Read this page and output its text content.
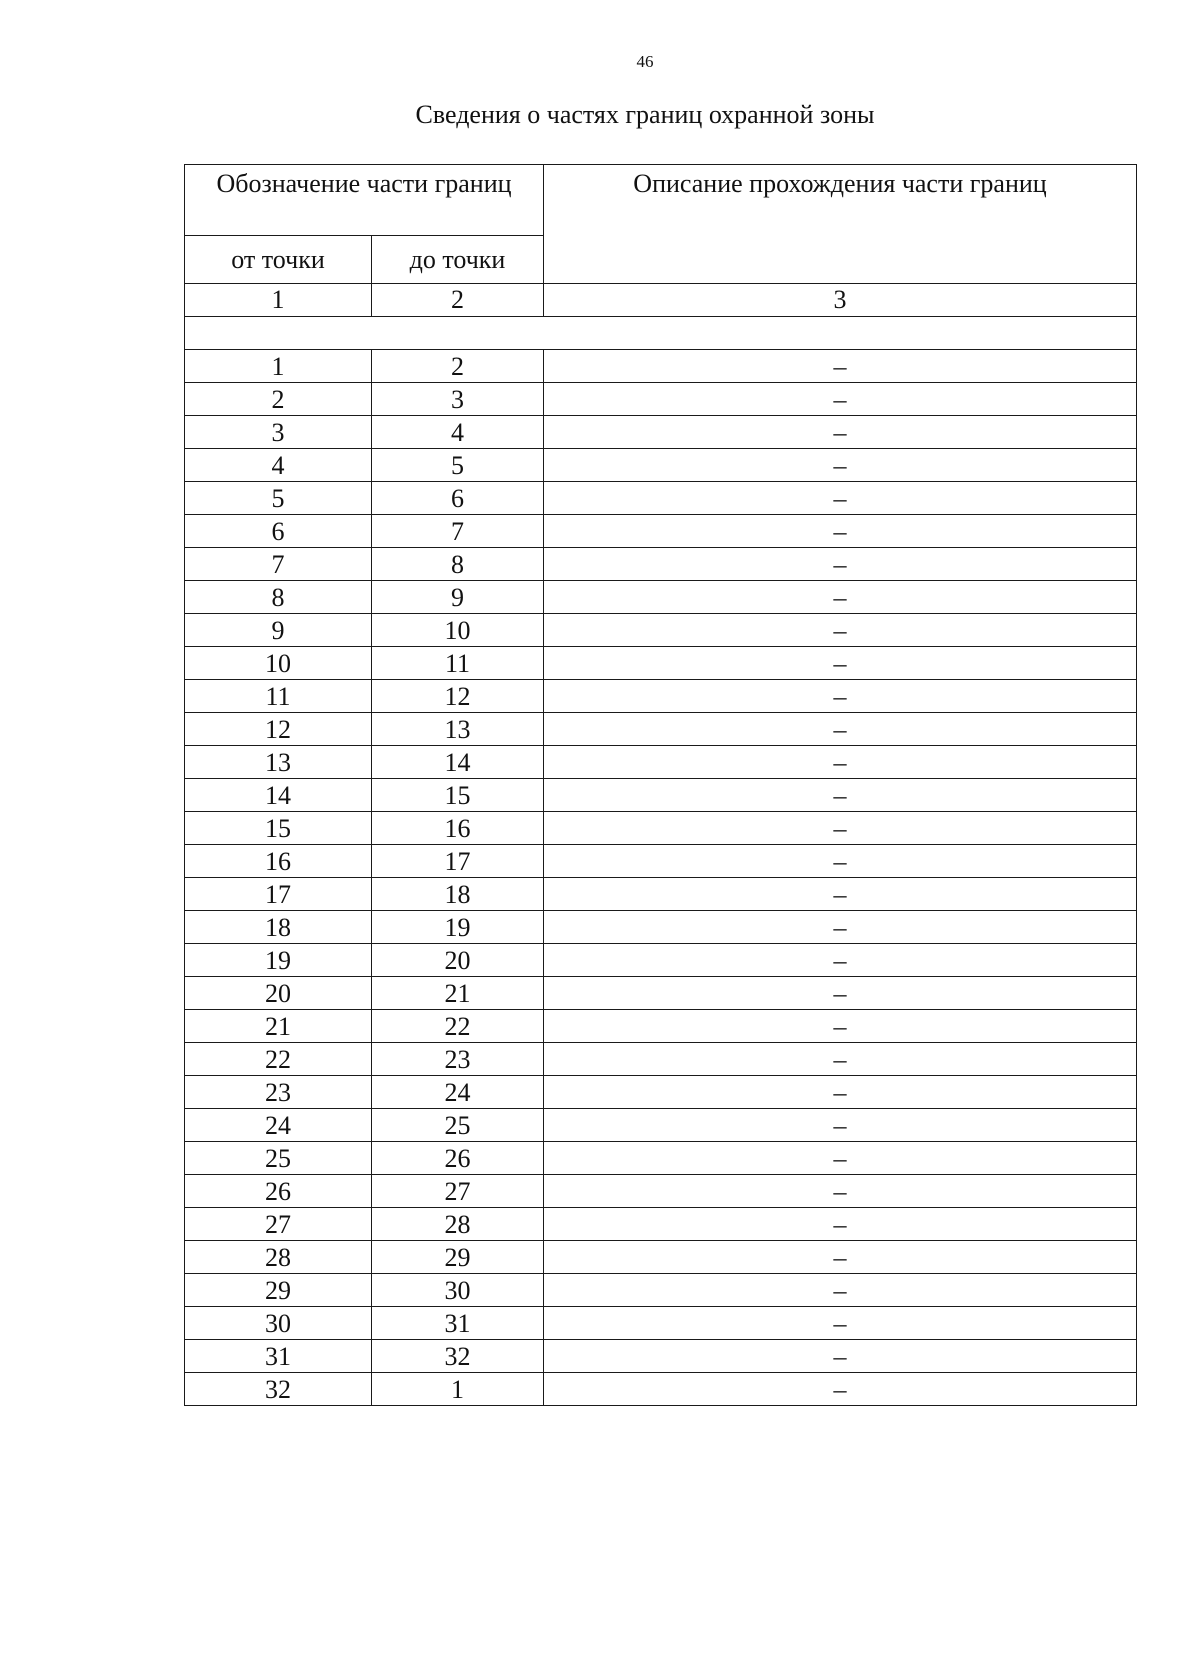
46
Сведения о частях границ охранной зоны
Обозначение части границ		Описание прохождения части границ

от точки	до точки	
1	2	3

1	2	–
2	3	–
3	4	–
4	5	–
5	6	–
6	7	–
7	8	–
8	9	–
9	10	–
10	11	–
11	12	–
12	13	–
13	14	–
14	15	–
15	16	–
16	17	–
17	18	–
18	19	–
19	20	–
20	21	–
21	22	–
22	23	–
23	24	–
24	25	–
25	26	–
26	27	–
27	28	–
28	29	–
29	30	–
30	31	–
31	32	–
32	1	–
